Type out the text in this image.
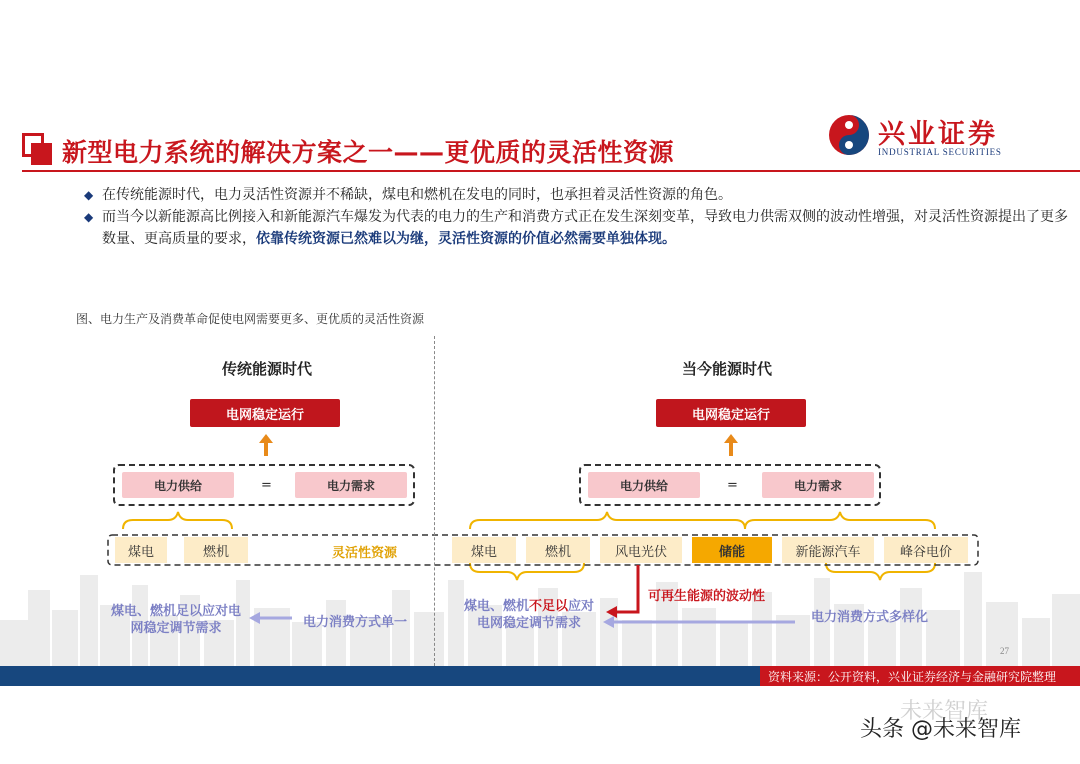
新型电力系统的解决方案之一——更优质的灵活性资源
兴业证券
INDUSTRIAL SECURITIES
◆ 在传统能源时代，电力灵活性资源并不稀缺，煤电和燃机在发电的同时，也承担着灵活性资源的角色。
◆ 而当今以新能源高比例接入和新能源汽车爆发为代表的电力的生产和消费方式正在发生深刻变革，导致电力供需双侧的波动性增强，对灵活性资源提出了更多数量、更高质量的要求，依靠传统资源已然难以为继，灵活性资源的价值必然需要单独体现。
图、电力生产及消费革命促使电网需要更多、更优质的灵活性资源
传统能源时代
电网稳定运行
电力供给	=	电力需求
煤电	燃机	灵活性资源
煤电、燃机足以应对电网稳定调节需求	电力消费方式单一
当今能源时代
电网稳定运行
电力供给	=	电力需求
煤电	燃机	风电光伏	储能	新能源汽车	峰谷电价
可再生能源的波动性
煤电、燃机不足以应对
电网稳定调节需求	电力消费方式多样化
27
资料来源：公开资料，兴业证券经济与金融研究院整理
未来智库
头条 @未来智库
